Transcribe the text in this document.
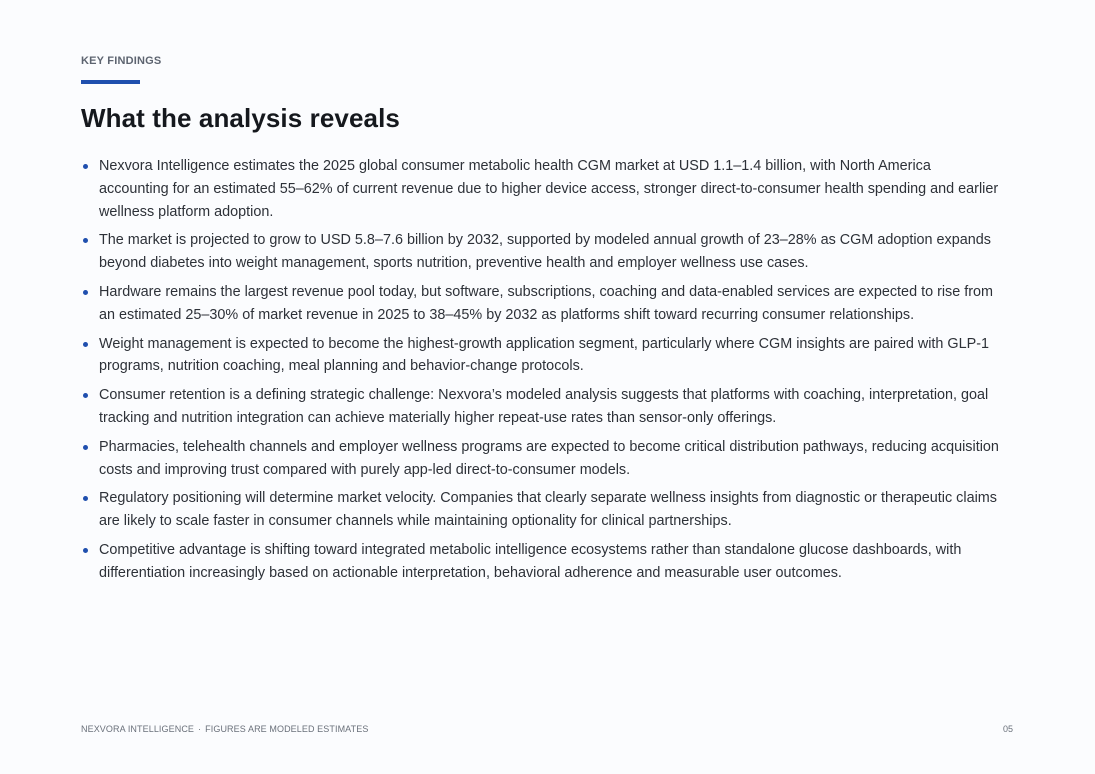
KEY FINDINGS
What the analysis reveals
Nexvora Intelligence estimates the 2025 global consumer metabolic health CGM market at USD 1.1–1.4 billion, with North America accounting for an estimated 55–62% of current revenue due to higher device access, stronger direct-to-consumer health spending and earlier wellness platform adoption.
The market is projected to grow to USD 5.8–7.6 billion by 2032, supported by modeled annual growth of 23–28% as CGM adoption expands beyond diabetes into weight management, sports nutrition, preventive health and employer wellness use cases.
Hardware remains the largest revenue pool today, but software, subscriptions, coaching and data-enabled services are expected to rise from an estimated 25–30% of market revenue in 2025 to 38–45% by 2032 as platforms shift toward recurring consumer relationships.
Weight management is expected to become the highest-growth application segment, particularly where CGM insights are paired with GLP-1 programs, nutrition coaching, meal planning and behavior-change protocols.
Consumer retention is a defining strategic challenge: Nexvora’s modeled analysis suggests that platforms with coaching, interpretation, goal tracking and nutrition integration can achieve materially higher repeat-use rates than sensor-only offerings.
Pharmacies, telehealth channels and employer wellness programs are expected to become critical distribution pathways, reducing acquisition costs and improving trust compared with purely app-led direct-to-consumer models.
Regulatory positioning will determine market velocity. Companies that clearly separate wellness insights from diagnostic or therapeutic claims are likely to scale faster in consumer channels while maintaining optionality for clinical partnerships.
Competitive advantage is shifting toward integrated metabolic intelligence ecosystems rather than standalone glucose dashboards, with differentiation increasingly based on actionable interpretation, behavioral adherence and measurable user outcomes.
NEXVORA INTELLIGENCE · FIGURES ARE MODELED ESTIMATES	05
